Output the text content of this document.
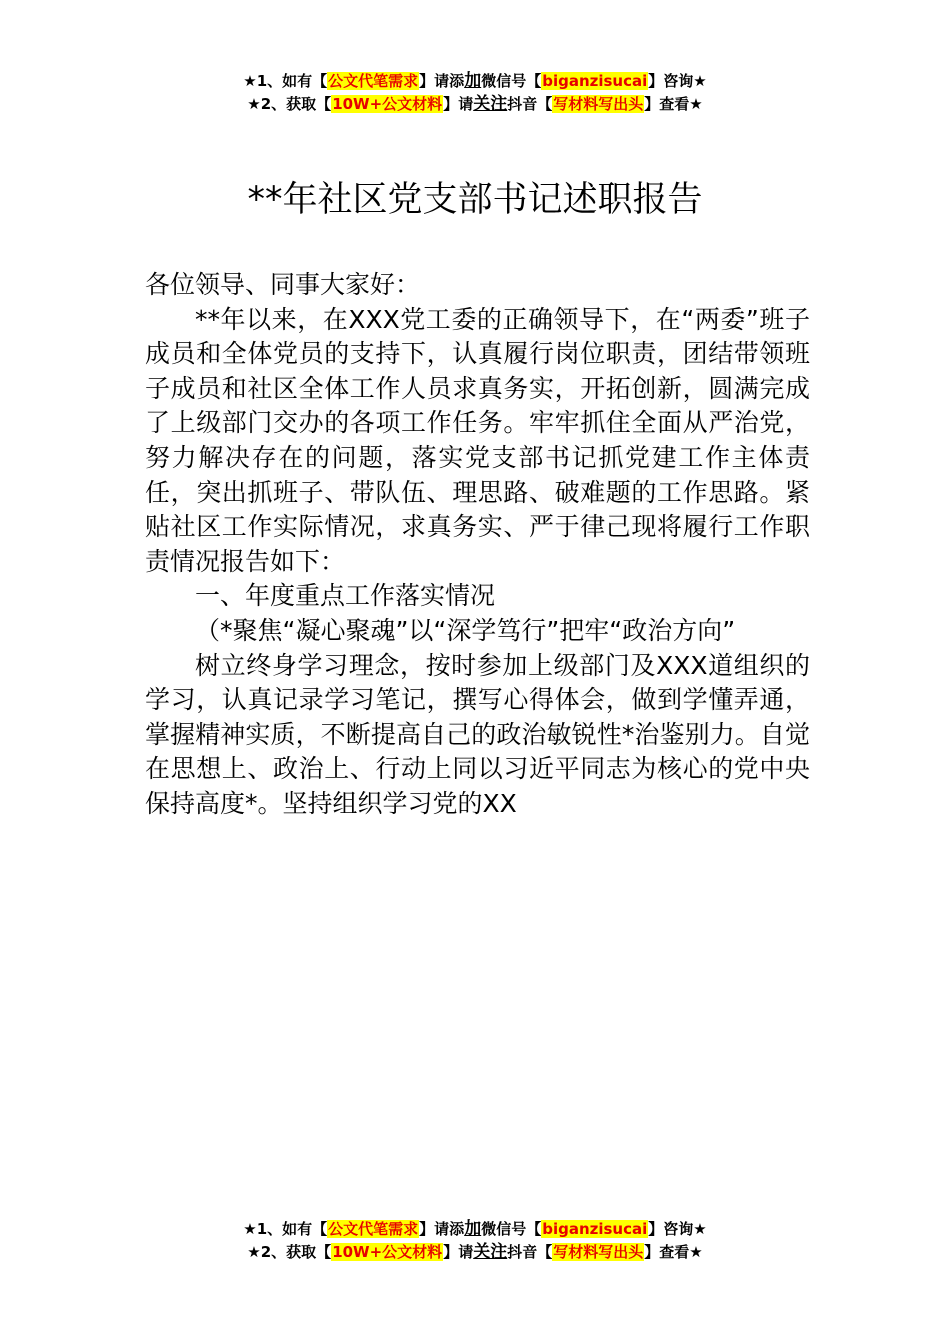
★1、如有【公文代笔需求】请添加微信号【biganzisucai】咨询★
★2、获取【10W+公文材料】请关注抖音【写材料写出头】查看★
**年社区党支部书记述职报告

各位领导、同事大家好：

**年以来，在XXX党工委的正确领导下，在“两委”班子成员和全体党员的支持下，认真履行岗位职责，团结带领班子成员和社区全体工作人员求真务实，开拓创新，圆满完成了上级部门交办的各项工作任务。牢牢抓住全面从严治党，努力解决存在的问题，落实党支部书记抓党建工作主体责任，突出抓班子、带队伍、理思路、破难题的工作思路。紧贴社区工作实际情况，求真务实、严于律己现将履行工作职责情况报告如下：

一、年度重点工作落实情况

（*聚焦“凝心聚魂”以“深学笃行”把牢“政治方向”

树立终身学习理念，按时参加上级部门及XXX道组织的学习，认真记录学习笔记，撰写心得体会，做到学懂弄通，掌握精神实质，不断提高自己的政治敏锐性*治鉴别力。自觉在思想上、政治上、行动上同以习近平同志为核心的党中央保持高度*。坚持组织学习党的XX

★1、如有【公文代笔需求】请添加微信号【biganzisucai】咨询★
★2、获取【10W+公文材料】请关注抖音【写材料写出头】查看★
